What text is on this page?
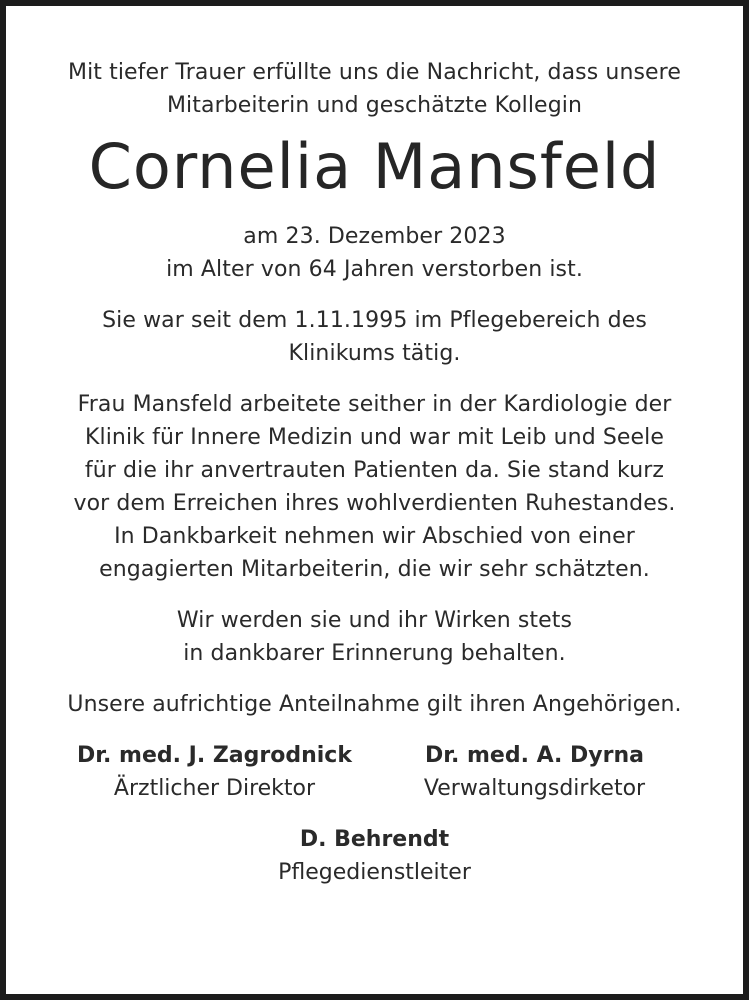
Mit tiefer Trauer erfüllte uns die Nachricht, dass unsere

Mitarbeiterin und geschätzte Kollegin

Cornelia Mansfeld

am 23. Dezember 2023

im Alter von 64 Jahren verstorben ist.

Sie war seit dem 1.11.1995 im Pflegebereich des

Klinikums tätig.

Frau Mansfeld arbeitete seither in der Kardiologie der

Klinik für Innere Medizin und war mit Leib und Seele

für die ihr anvertrauten Patienten da. Sie stand kurz

vor dem Erreichen ihres wohlverdienten Ruhestandes.

In Dankbarkeit nehmen wir Abschied von einer

engagierten Mitarbeiterin, die wir sehr schätzten.

Wir werden sie und ihr Wirken stets

in dankbarer Erinnerung behalten.

Unsere aufrichtige Anteilnahme gilt ihren Angehörigen.

Dr. med. J. Zagrodnick

Ärztlicher Direktor

Dr. med. A. Dyrna

Verwaltungsdirketor

D. Behrendt

Pflegedienstleiter
